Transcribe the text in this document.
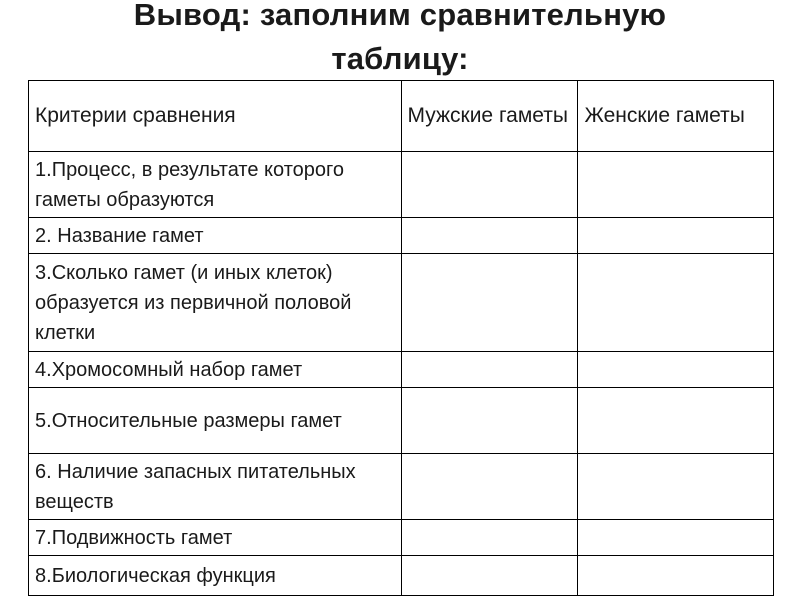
Вывод: заполним сравнительную
таблицу:
Критерии сравнения	Мужские гаметы	Женские гаметы
1.Процесс, в результате которого гаметы образуются		
2. Название гамет		
3.Сколько гамет (и иных клеток) образуется из первичной половой клетки		
4.Хромосомный набор гамет		
5.Относительные размеры гамет		
6. Наличие запасных питательных веществ		
7.Подвижность гамет		
8.Биологическая функция		
